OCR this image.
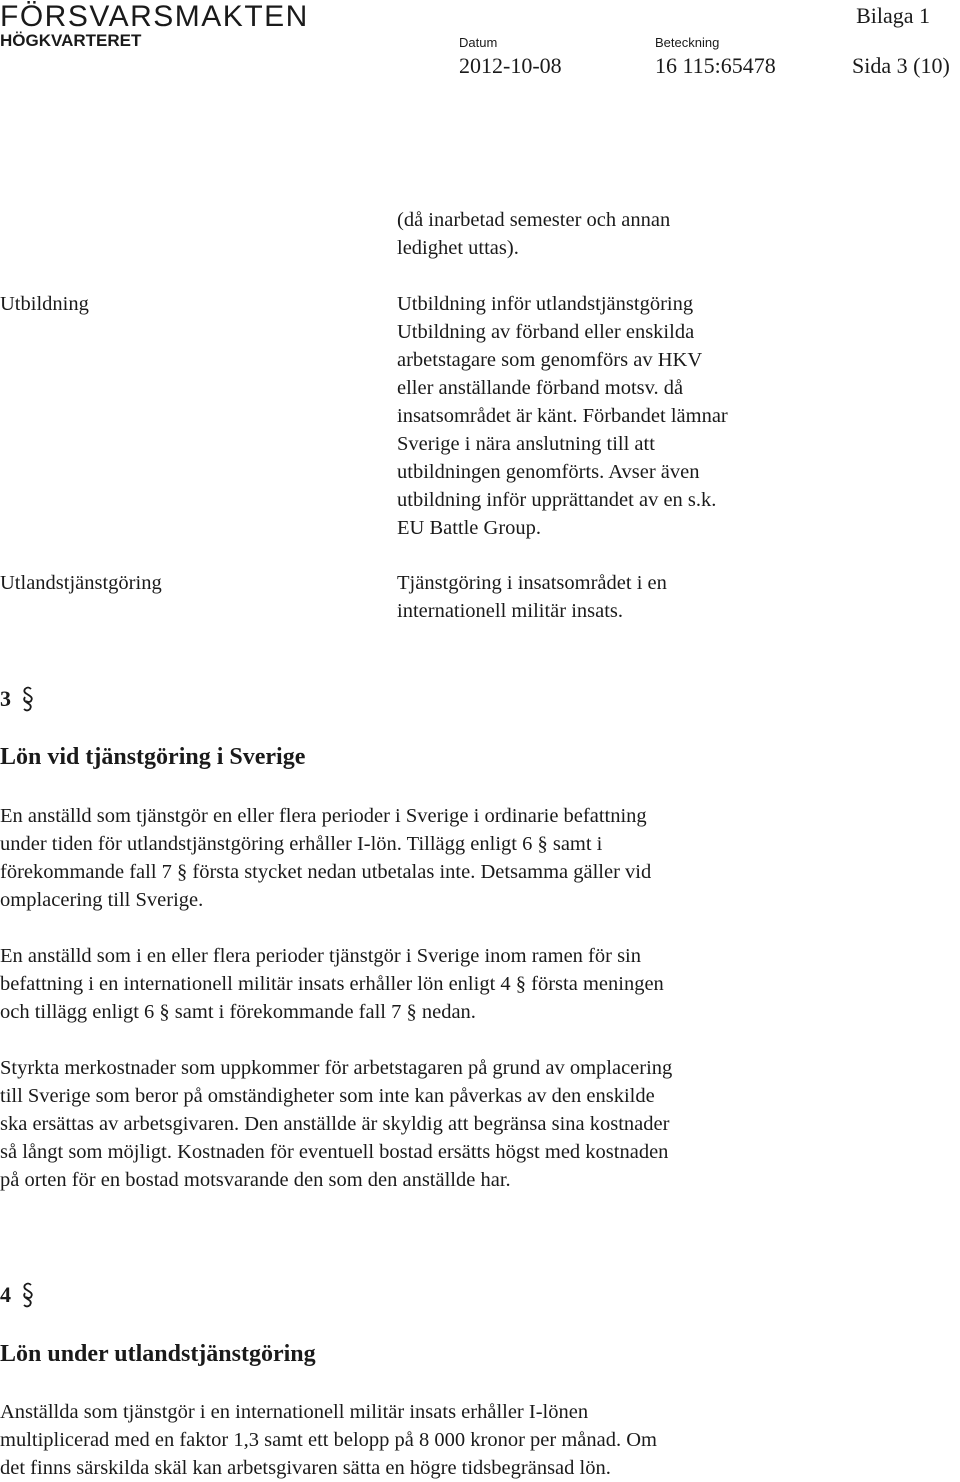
FÖRSVARSMAKTEN
HÖGKVARTERET	Datum
2012-10-08
Beteckning
16 115:65478
Bilaga 1
Sida 3 (10)
(då inarbetad semester och annan
ledighet uttas).
Utbildning	Utbildning inför utlandstjänstgöring
Utbildning av förband eller enskilda
arbetstagare som genomförs av HKV
eller anställande förband motsv. då
insatsområdet är känt. Förbandet lämnar
Sverige i nära anslutning till att
utbildningen genomförts. Avser även
utbildning inför upprättandet av en s.k.
EU Battle Group.
Utlandstjänstgöring	Tjänstgöring i insatsområdet i en
internationell militär insats.
3
Lön vid tjänstgöring i Sverige
En anställd som tjänstgör en eller flera perioder i Sverige i ordinarie befattning
under tiden för utlandstjänstgöring erhåller I-lön. Tillägg enligt 6 § samt i
förekommande fall 7 § första stycket nedan utbetalas inte. Detsamma gäller vid
omplacering till Sverige.
En anställd som i en eller flera perioder tjänstgör i Sverige inom ramen för sin
befattning i en internationell militär insats erhåller lön enligt 4 § första meningen
och tillägg enligt 6 § samt i förekommande fall 7 § nedan.
Styrkta merkostnader som uppkommer för arbetstagaren på grund av omplacering
till Sverige som beror på omständigheter som inte kan påverkas av den enskilde
ska ersättas av arbetsgivaren. Den anställde är skyldig att begränsa sina kostnader
så långt som möjligt. Kostnaden för eventuell bostad ersätts högst med kostnaden
på orten för en bostad motsvarande den som den anställde har.
4
Lön under utlandstjänstgöring
Anställda som tjänstgör i en internationell militär insats erhåller I-lönen
multiplicerad med en faktor 1,3 samt ett belopp på 8 000 kronor per månad. Om
det finns särskilda skäl kan arbetsgivaren sätta en högre tidsbegränsad lön.
